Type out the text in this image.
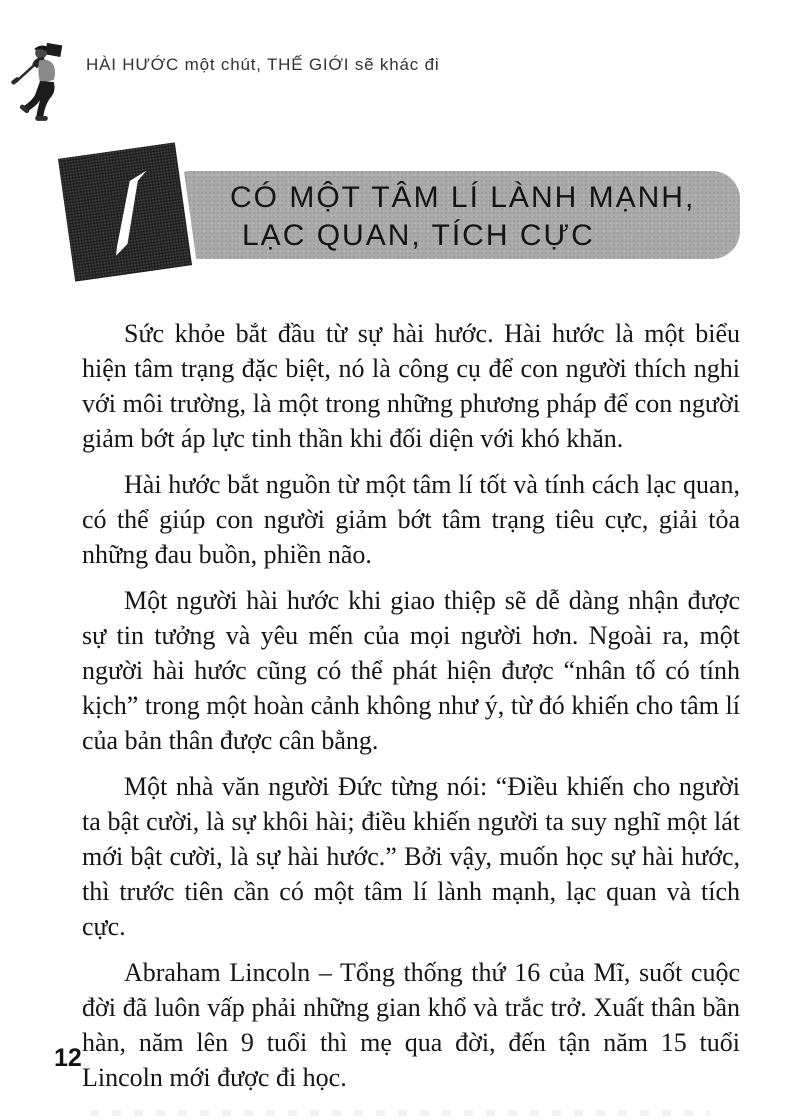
HÀI HƯỚC một chút, THẾ GIỚI sẽ khác đi
CÓ MỘT TÂM LÍ LÀNH MẠNH,
LẠC QUAN, TÍCH CỰC

Sức khỏe bắt đầu từ sự hài hước. Hài hước là một biểu hiện tâm trạng đặc biệt, nó là công cụ để con người thích nghi với môi trường, là một trong những phương pháp để con người giảm bớt áp lực tinh thần khi đối diện với khó khăn.

Hài hước bắt nguồn từ một tâm lí tốt và tính cách lạc quan, có thể giúp con người giảm bớt tâm trạng tiêu cực, giải tỏa những đau buồn, phiền não.

Một người hài hước khi giao thiệp sẽ dễ dàng nhận được sự tin tưởng và yêu mến của mọi người hơn. Ngoài ra, một người hài hước cũng có thể phát hiện được “nhân tố có tính kịch” trong một hoàn cảnh không như ý, từ đó khiến cho tâm lí của bản thân được cân bằng.

Một nhà văn người Đức từng nói: “Điều khiến cho người ta bật cười, là sự khôi hài; điều khiến người ta suy nghĩ một lát mới bật cười, là sự hài hước.” Bởi vậy, muốn học sự hài hước, thì trước tiên cần có một tâm lí lành mạnh, lạc quan và tích cực.

Abraham Lincoln – Tổng thống thứ 16 của Mĩ, suốt cuộc đời đã luôn vấp phải những gian khổ và trắc trở. Xuất thân bần hàn, năm lên 9 tuổi thì mẹ qua đời, đến tận năm 15 tuổi Lincoln mới được đi học.

12
